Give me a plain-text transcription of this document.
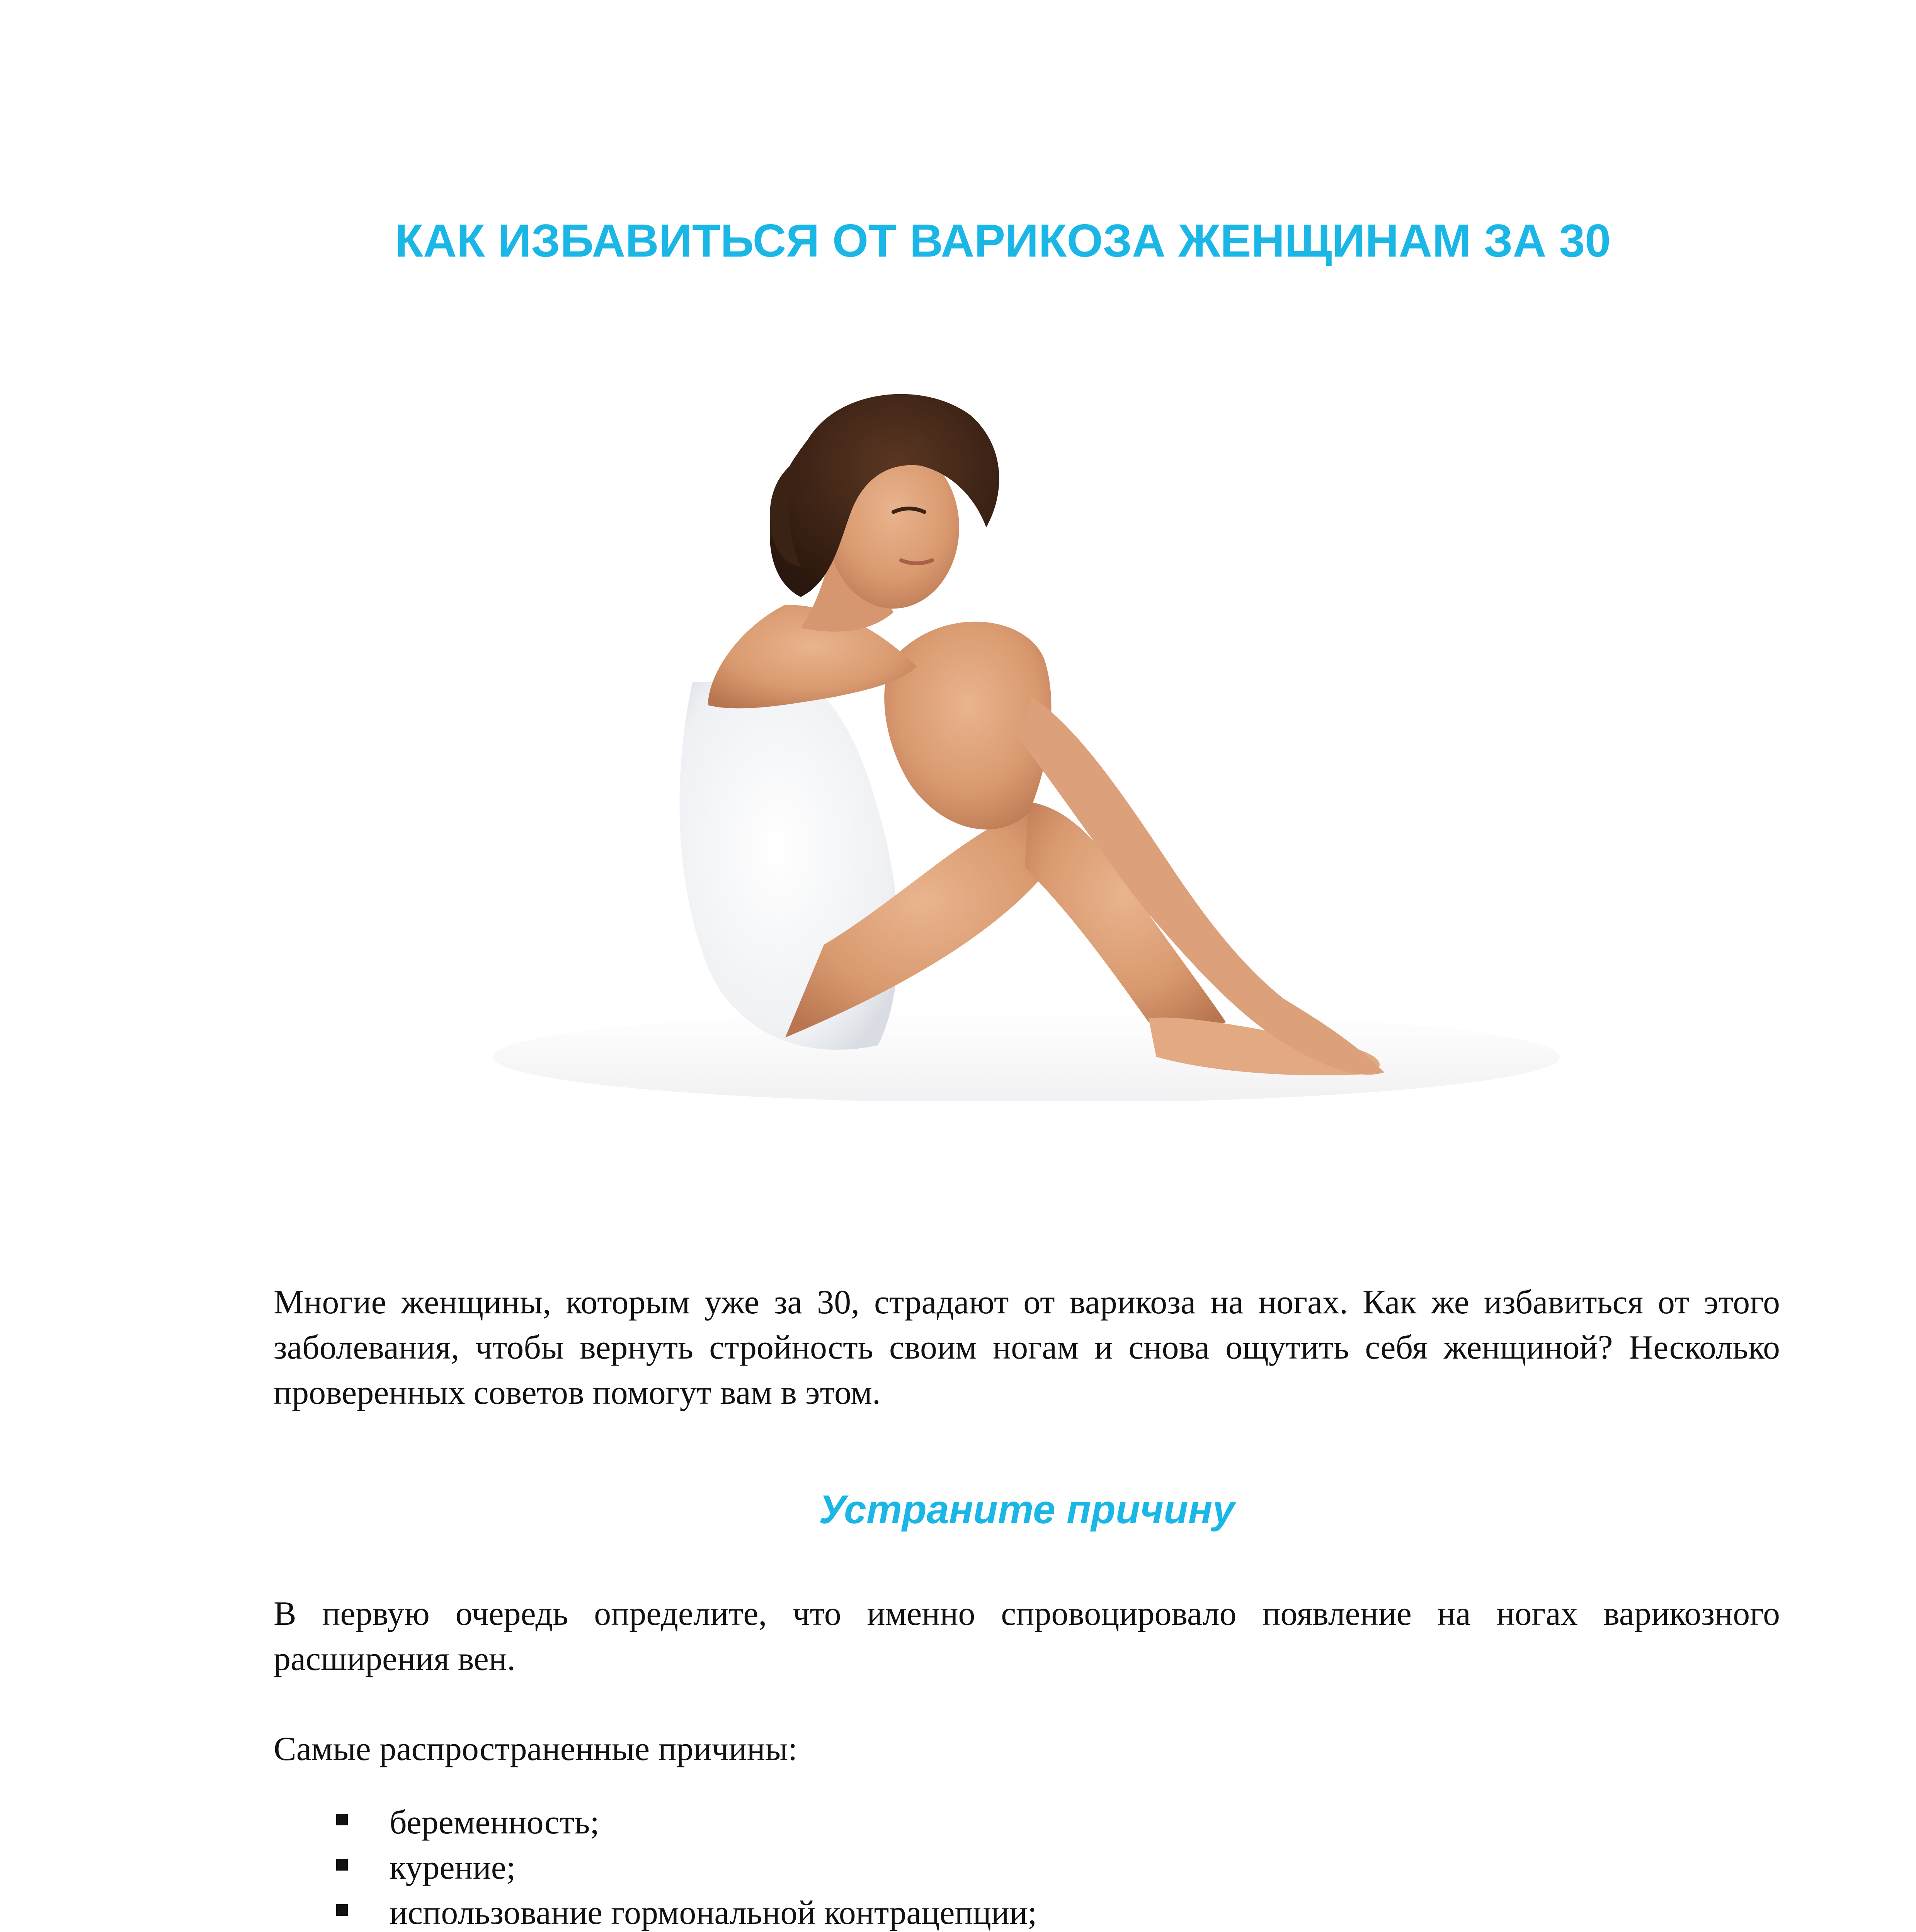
КАК ИЗБАВИТЬСЯ ОТ ВАРИКОЗА ЖЕНЩИНАМ ЗА 30

Многие женщины, которым уже за 30, страдают от варикоза на ногах. Как же избавиться от этого заболевания, чтобы вернуть стройность своим ногам и снова ощутить себя женщиной? Несколько проверенных советов помогут вам в этом.

Устраните причину

В первую очередь определите, что именно спровоцировало появление на ногах варикозного расширения вен.

Самые распространенные причины:

беременность;
курение;
использование гормональной контрацепции;
